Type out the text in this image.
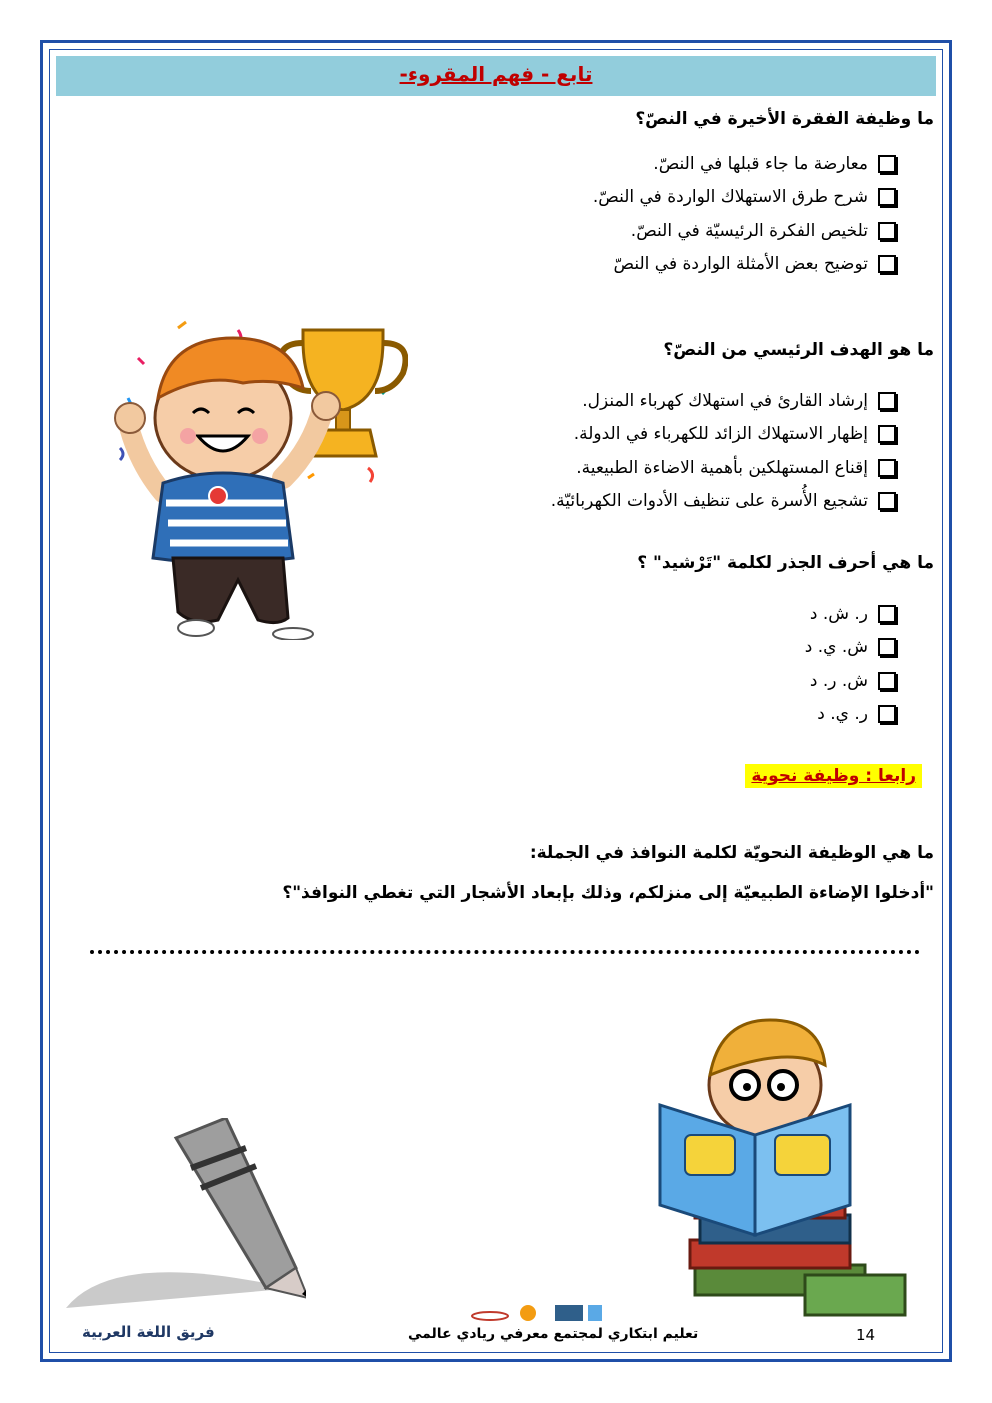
تابع - فهم المقروء-
ما وظيفة الفقرة الأخيرة في النصّ؟
معارضة ما جاء قبلها في النصّ.
شرح طرق الاستهلاك الواردة في النصّ.
تلخيص الفكرة الرئيسيّة في النصّ.
توضيح بعض الأمثلة الواردة في النصّ
ما هو الهدف الرئيسي من النصّ؟
إرشاد القارئ في استهلاك كهرباء المنزل.
إظهار الاستهلاك الزائد للكهرباء في الدولة.
إقناع المستهلكين بأهمية الاضاءة الطبيعية.
تشجيع الأُسرة على تنظيف الأدوات الكهربائيّة.
ما هي أحرف الجذر لكلمة "تَرْشيد" ؟
ر. ش. د
ش. ي. د
ش. ر. د
ر. ي. د
رابعا : وظيفة نحوية
ما هي الوظيفة النحويّة لكلمة النوافذ في الجملة:
"أدخلوا الإضاءة الطبيعيّة إلى منزلكم، وذلك بإبعاد الأشجار التي تغطي النوافذ"؟
فريق اللغة العربية	تعليم ابتكاري لمجتمع معرفي ريادي عالمي	14
